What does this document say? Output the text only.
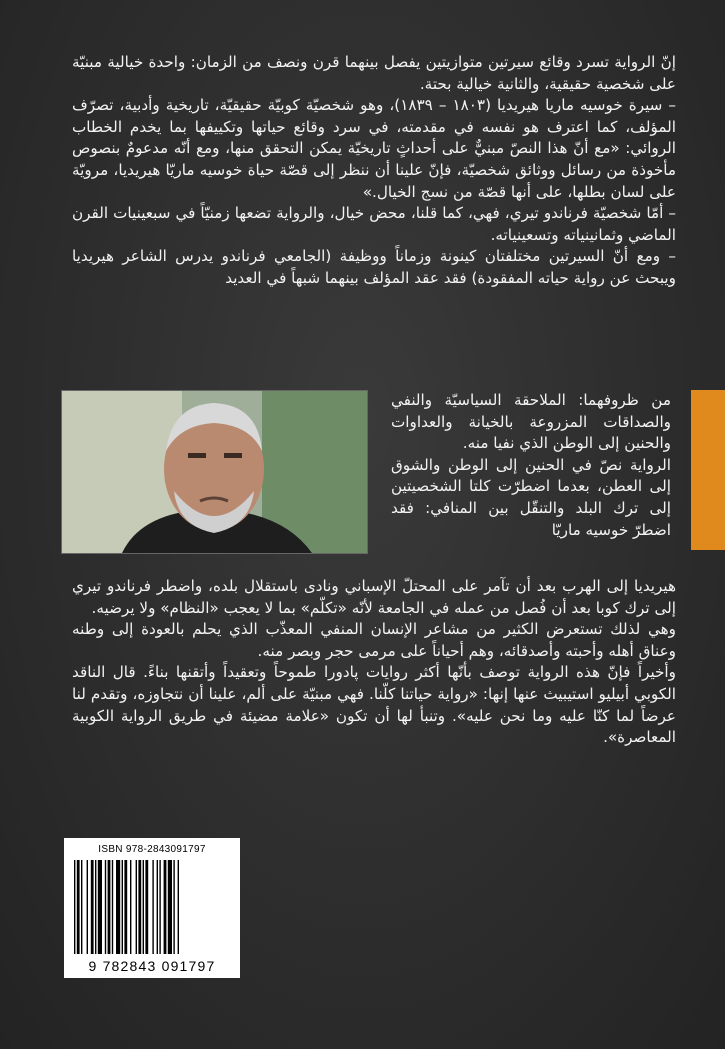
إنّ الرواية تسرد وقائع سيرتين متوازيتين يفصل بينهما قرن ونصف من الزمان: واحدة خيالية مبنيّة على شخصية حقيقية، والثانية خيالية بحتة.

– سيرة خوسيه ماريا هيريديا (١٨٠٣ – ١٨٣٩)، وهو شخصيّة كوبيّة حقيقيّة، تاريخية وأدبية، تصرّف المؤلف، كما اعترف هو نفسه في مقدمته، في سرد وقائع حياتها وتكييفها بما يخدم الخطاب الروائي: «مع أنّ هذا النصّ مبنيٌّ على أحداثٍ تاريخيّة يمكن التحقق منها، ومع أنّه مدعومٌ بنصوص مأخوذة من رسائل ووثائق شخصيّة، فإنّ علينا أن ننظر إلى قصّة حياة خوسيه ماريّا هيريديا، مرويّة على لسان بطلها، على أنها قصّة من نسج الخيال.»

– أمّا شخصيّة فرناندو تيري، فهي، كما قلنا، محض خيال، والرواية تضعها زمنيّاً في سبعينيات القرن الماضي وثمانينياته وتسعينياته.

– ومع أنّ السيرتين مختلفتان كينونة وزماناً ووظيفة (الجامعي فرناندو يدرس الشاعر هيريديا ويبحث عن رواية حياته المفقودة) فقد عقد المؤلف بينهما شبهاً في العديد

من ظروفهما: الملاحقة السياسيّة والنفي والصداقات المزروعة بالخيانة والعداوات والحنين إلى الوطن الذي نفيا منه.

الرواية نصّ في الحنين إلى الوطن والشوق إلى العطن، بعدما اضطرّت كلتا الشخصيتين إلى ترك البلد والتنقّل بين المنافي: فقد اضطرّ خوسيه ماريّا

هيريديا إلى الهرب بعد أن تآمر على المحتلّ الإسباني ونادى باستقلال بلده، واضطر فرناندو تيري إلى ترك كوبا بعد أن فُصل من عمله في الجامعة لأنّه «تكلّم» بما لا يعجب «النظام» ولا يرضيه.

وهي لذلك تستعرض الكثير من مشاعر الإنسان المنفي المعذّب الذي يحلم بالعودة إلى وطنه وعناق أهله وأحبته وأصدقائه، وهم أحياناً على مرمى حجر وبصر منه.

وأخيراً فإنّ هذه الرواية توصف بأنّها أكثر روايات پادورا طموحاً وتعقيداً وأتقنها بناءً. قال الناقد الكوبي أبيليو استيبيث عنها إنها: «رواية حياتنا كلّنا. فهي مبنيّة على ألم، علينا أن نتجاوزه، وتقدم لنا عرضاً لما كنّا عليه وما نحن عليه». وتنبأ لها أن تكون «علامة مضيئة في طريق الرواية الكوبية المعاصرة».

ISBN 978-2843091797
9 782843 091797
